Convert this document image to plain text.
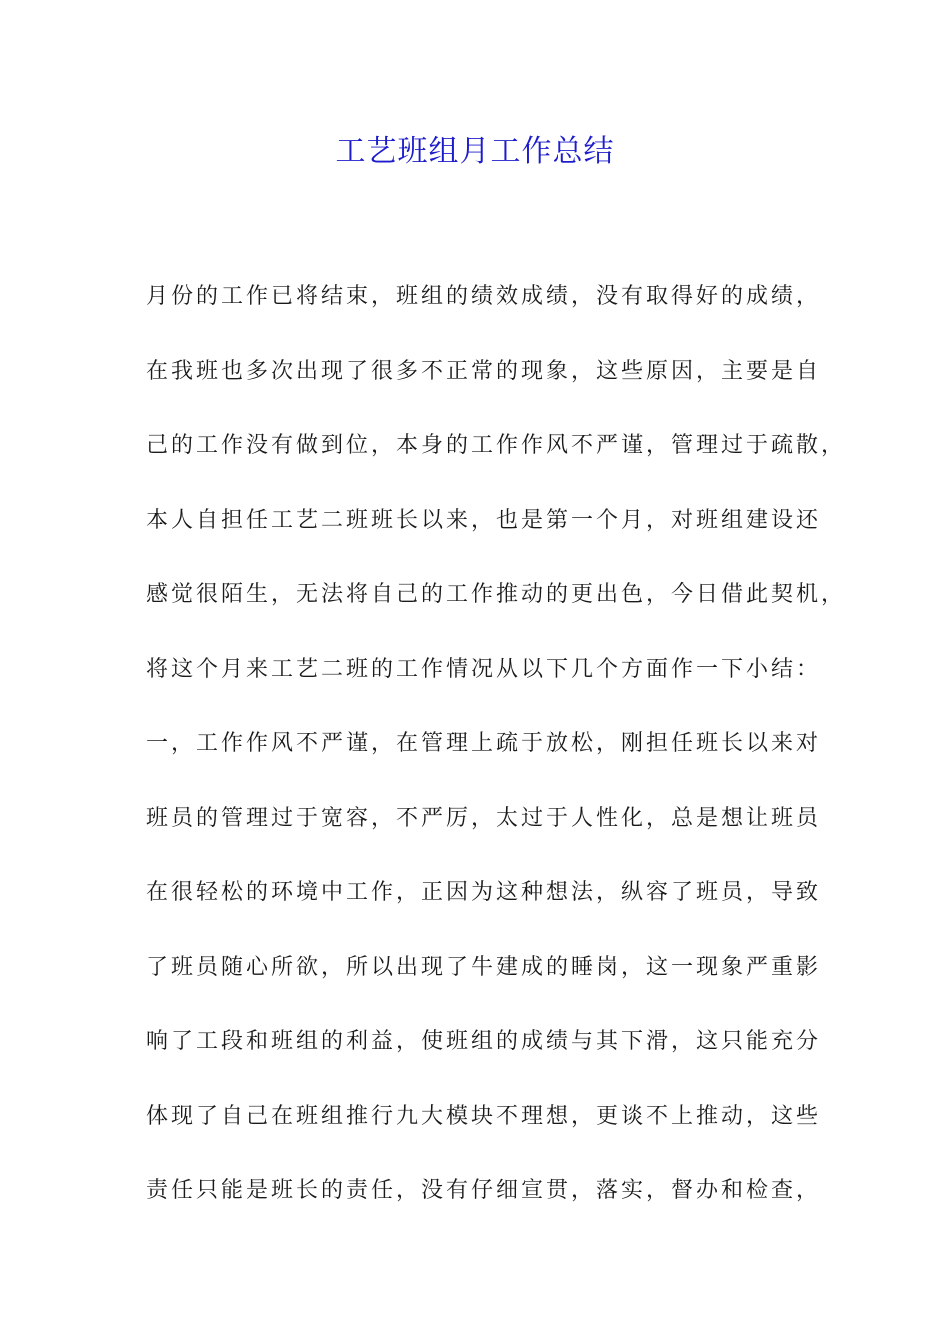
工艺班组月工作总结
月份的工作已将结束，班组的绩效成绩，没有取得好的成绩，
在我班也多次出现了很多不正常的现象，这些原因，主要是自
己的工作没有做到位，本身的工作作风不严谨，管理过于疏散，
本人自担任工艺二班班长以来，也是第一个月，对班组建设还
感觉很陌生，无法将自己的工作推动的更出色，今日借此契机，
将这个月来工艺二班的工作情况从以下几个方面作一下小结：
一，工作作风不严谨，在管理上疏于放松，刚担任班长以来对
班员的管理过于宽容，不严厉，太过于人性化，总是想让班员
在很轻松的环境中工作，正因为这种想法，纵容了班员，导致
了班员随心所欲，所以出现了牛建成的睡岗，这一现象严重影
响了工段和班组的利益，使班组的成绩与其下滑，这只能充分
体现了自己在班组推行九大模块不理想，更谈不上推动，这些
责任只能是班长的责任，没有仔细宣贯，落实，督办和检查，
